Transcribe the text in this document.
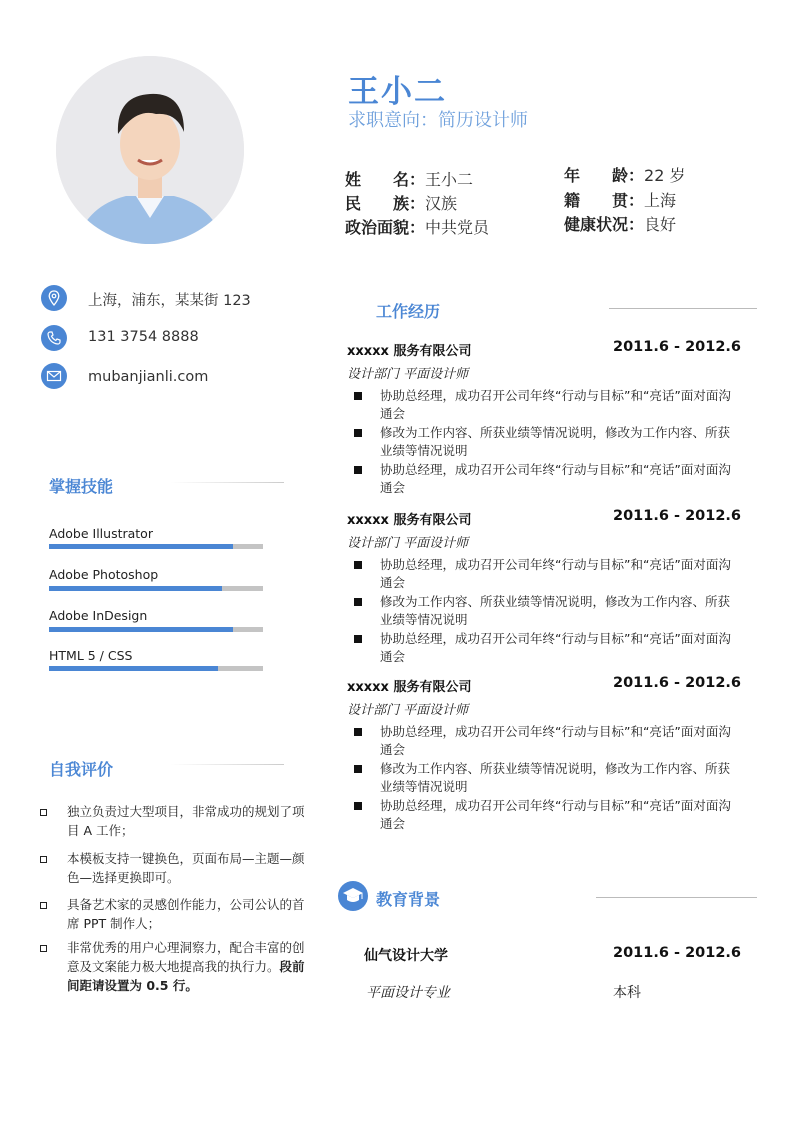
王小二
求职意向：简历设计师
姓　　名：王小二
民　　族：汉族
政治面貌：中共党员
年　　龄：22 岁
籍　　贯：上海
健康状况：良好
上海，浦东，某某街 123
131 3754 8888
mubanjianli.com
掌握技能
Adobe Illustrator
Adobe Photoshop
Adobe InDesign
HTML 5 / CSS
自我评价
独立负责过大型项目，非常成功的规划了项目 A 工作；
本模板支持一键换色，页面布局—主题—颜色—选择更换即可。
具备艺术家的灵感创作能力，公司公认的首席 PPT 制作人；
非常优秀的用户心理洞察力，配合丰富的创意及文案能力极大地提高我的执行力。段前间距请设置为 0.5 行。
工作经历
xxxxx 服务有限公司	2011.6 - 2012.6
设计部门 平面设计师
协助总经理，成功召开公司年终“行动与目标”和“亮话”面对面沟通会
修改为工作内容、所获业绩等情况说明，修改为工作内容、所获业绩等情况说明
协助总经理，成功召开公司年终“行动与目标”和“亮话”面对面沟通会
xxxxx 服务有限公司	2011.6 - 2012.6
设计部门 平面设计师
协助总经理，成功召开公司年终“行动与目标”和“亮话”面对面沟通会
修改为工作内容、所获业绩等情况说明，修改为工作内容、所获业绩等情况说明
协助总经理，成功召开公司年终“行动与目标”和“亮话”面对面沟通会
xxxxx 服务有限公司	2011.6 - 2012.6
设计部门 平面设计师
协助总经理，成功召开公司年终“行动与目标”和“亮话”面对面沟通会
修改为工作内容、所获业绩等情况说明，修改为工作内容、所获业绩等情况说明
协助总经理，成功召开公司年终“行动与目标”和“亮话”面对面沟通会
教育背景
仙气设计大学	2011.6 - 2012.6
平面设计专业	本科
